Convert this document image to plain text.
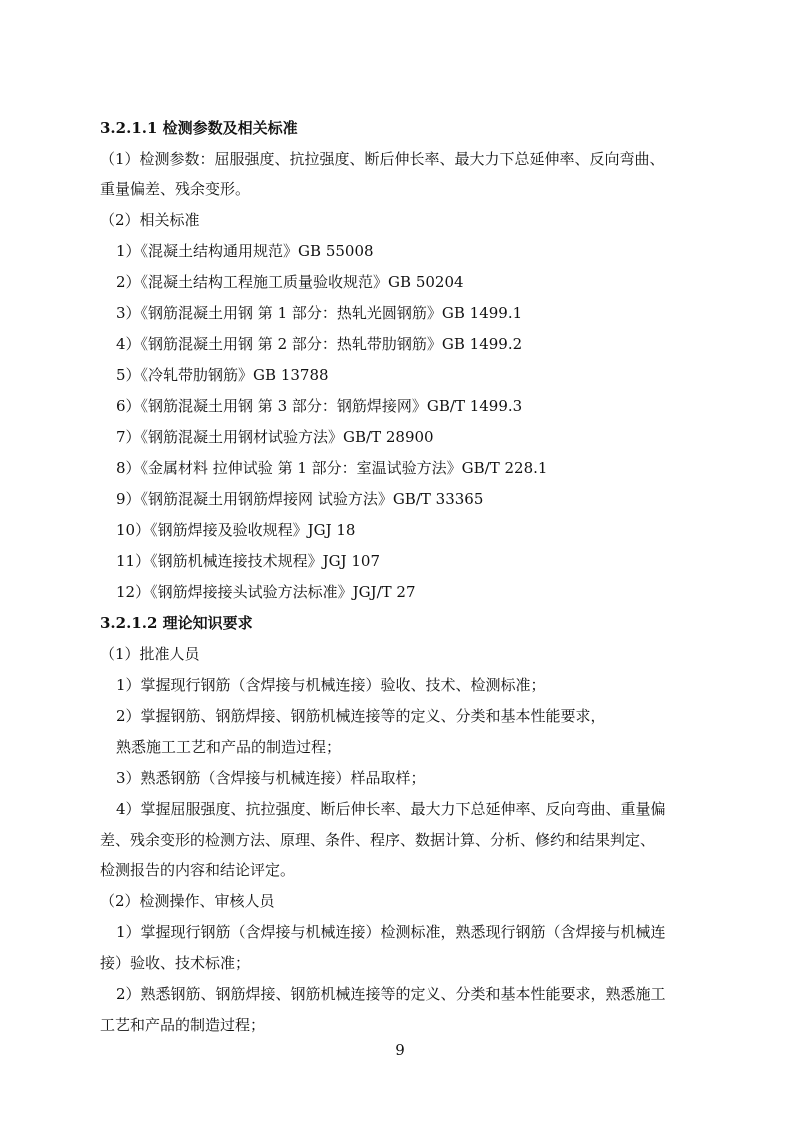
3.2.1.1 检测参数及相关标准
（1）检测参数：屈服强度、抗拉强度、断后伸长率、最大力下总延伸率、反向弯曲、
重量偏差、残余变形。
（2）相关标准
1）《混凝土结构通用规范》GB 55008
2）《混凝土结构工程施工质量验收规范》GB 50204
3）《钢筋混凝土用钢 第 1 部分：热轧光圆钢筋》GB 1499.1
4）《钢筋混凝土用钢 第 2 部分：热轧带肋钢筋》GB 1499.2
5）《冷轧带肋钢筋》GB 13788
6）《钢筋混凝土用钢 第 3 部分：钢筋焊接网》GB/T 1499.3
7）《钢筋混凝土用钢材试验方法》GB/T 28900
8）《金属材料 拉伸试验 第 1 部分：室温试验方法》GB/T 228.1
9）《钢筋混凝土用钢筋焊接网 试验方法》GB/T 33365
10）《钢筋焊接及验收规程》JGJ 18
11）《钢筋机械连接技术规程》JGJ 107
12）《钢筋焊接接头试验方法标准》JGJ/T 27
3.2.1.2 理论知识要求
（1）批准人员
1）掌握现行钢筋（含焊接与机械连接）验收、技术、检测标准；
2）掌握钢筋、钢筋焊接、钢筋机械连接等的定义、分类和基本性能要求，
熟悉施工工艺和产品的制造过程；
3）熟悉钢筋（含焊接与机械连接）样品取样；
4）掌握屈服强度、抗拉强度、断后伸长率、最大力下总延伸率、反向弯曲、重量偏
差、残余变形的检测方法、原理、条件、程序、数据计算、分析、修约和结果判定、
检测报告的内容和结论评定。
（2）检测操作、审核人员
1）掌握现行钢筋（含焊接与机械连接）检测标准，熟悉现行钢筋（含焊接与机械连
接）验收、技术标准；
2）熟悉钢筋、钢筋焊接、钢筋机械连接等的定义、分类和基本性能要求，熟悉施工
工艺和产品的制造过程；
9
